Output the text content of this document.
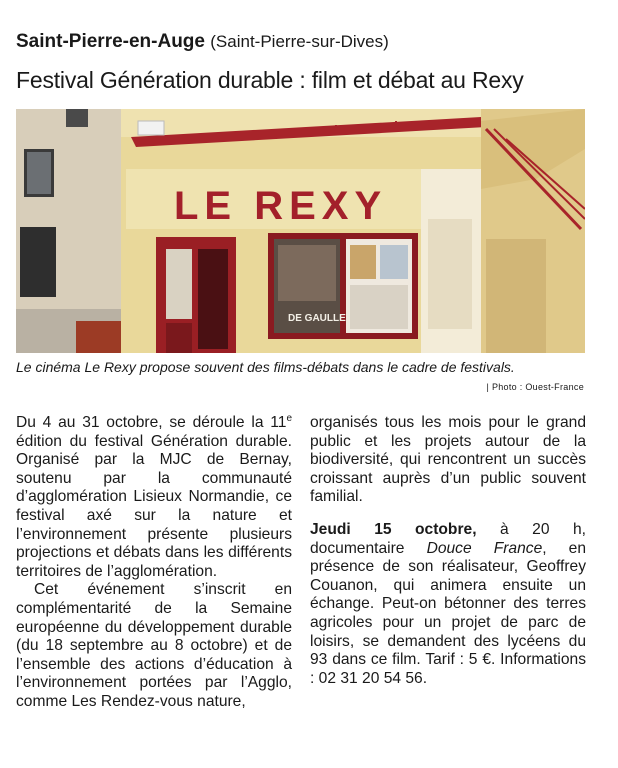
Saint-Pierre-en-Auge (Saint-Pierre-sur-Dives)
Festival Génération durable : film et débat au Rexy
LE REXY
DE GAULLE
Le cinéma Le Rexy propose souvent des films-débats dans le cadre de festivals.
| Photo : Ouest-France

Du 4 au 31 octobre, se déroule la 11e édition du festival Génération durable. Organisé par la MJC de Bernay, soutenu par la communauté d’agglomération Lisieux Normandie, ce festival axé sur la nature et l’environnement présente plusieurs projections et débats dans les différents territoires de l’agglomération.

Cet événement s’inscrit en complémentarité de la Semaine européenne du développement durable (du 18 septembre au 8 octobre) et de l’ensemble des actions d’éducation à l’environnement portées par l’Agglo, comme Les Rendez-vous nature,

organisés tous les mois pour le grand public et les projets autour de la biodiversité, qui rencontrent un succès croissant auprès d’un public souvent familial.

Jeudi 15 octobre, à 20 h, documentaire Douce France, en présence de son réalisateur, Geoffrey Couanon, qui animera ensuite un échange. Peut-on bétonner des terres agricoles pour un projet de parc de loisirs, se demandent des lycéens du 93 dans ce film. Tarif : 5 €. Informations : 02 31 20 54 56.
